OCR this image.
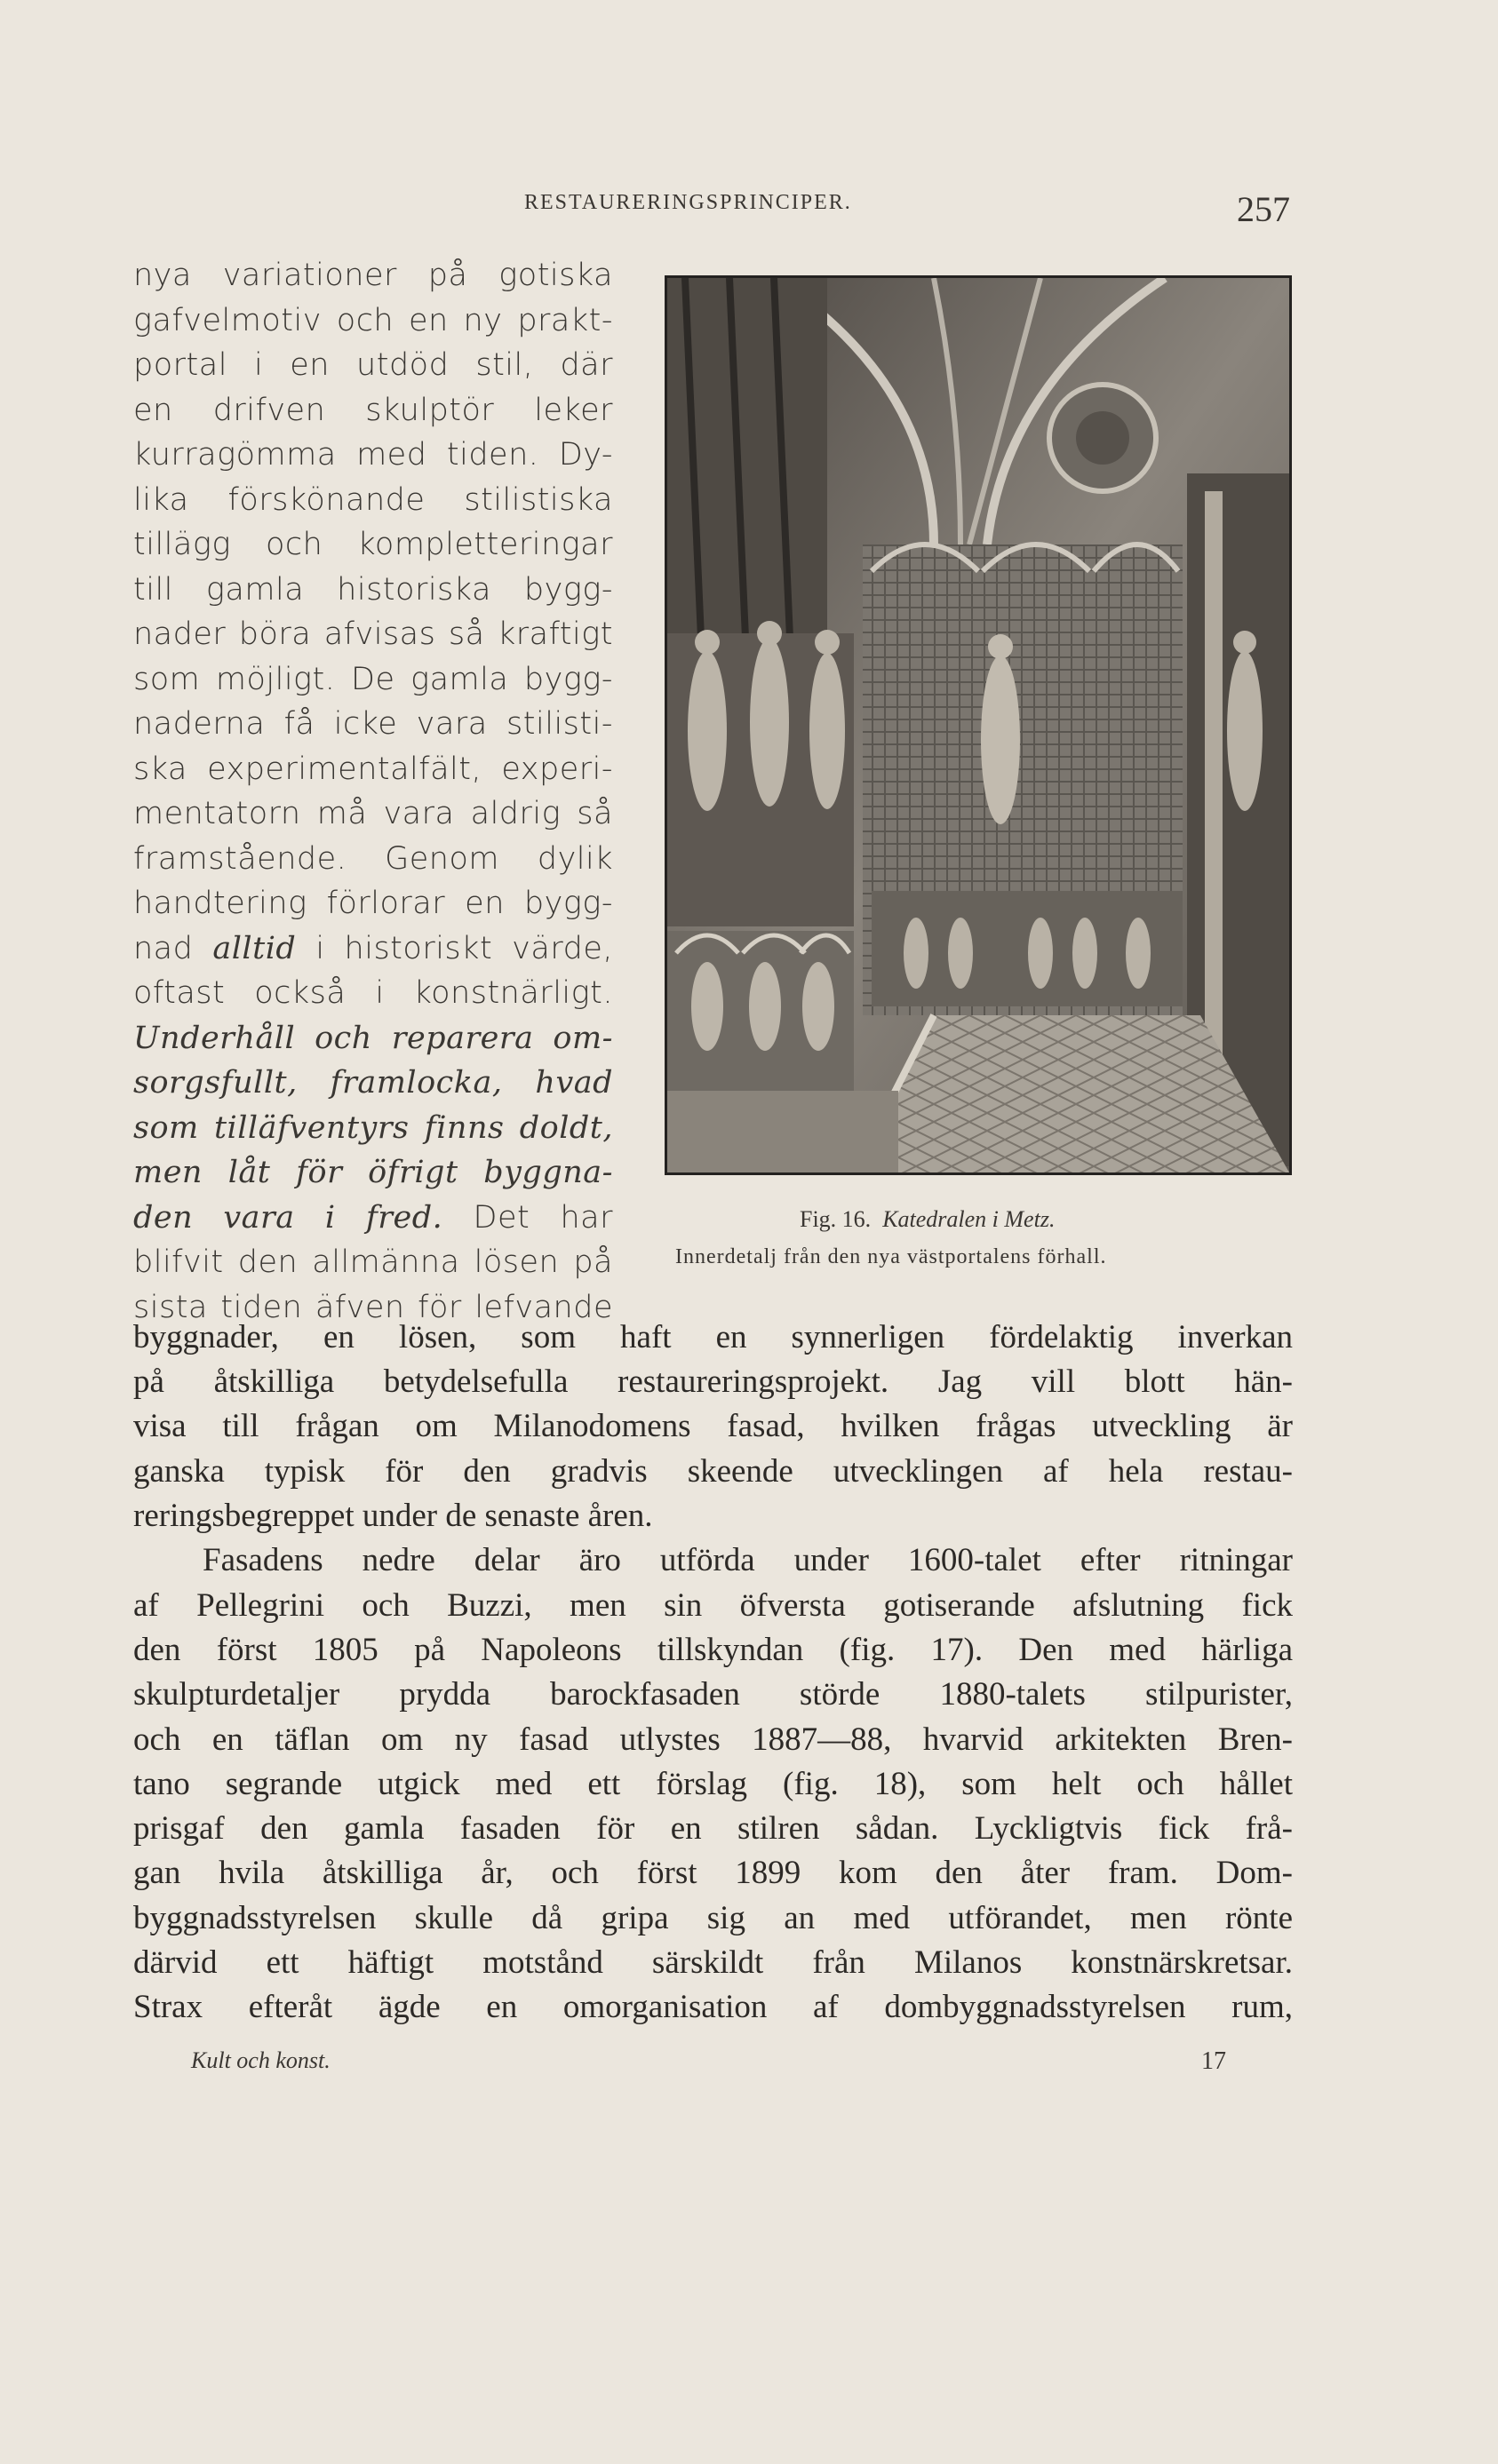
RESTAURERINGSPRINCIPER.	257
nya variationer på gotiska
gafvelmotiv och en ny prakt-
portal i en utdöd stil, där
en drifven skulptör leker
kurragömma med tiden. Dy-
lika förskönande stilistiska
tillägg och kompletteringar
till gamla historiska bygg-
nader böra afvisas så kraftigt
som möjligt. De gamla bygg-
naderna få icke vara stilisti-
ska experimentalfält, experi-
mentatorn må vara aldrig så
framstående. Genom dylik
handtering förlorar en bygg-
nad alltid i historiskt värde,
oftast också i konstnärligt.
Underhåll och reparera om-
sorgsfullt, framlocka, hvad
som tilläfventyrs finns doldt,
men låt för öfrigt byggna-
den vara i fred. Det har
blifvit den allmänna lösen på
sista tiden äfven för lefvande
Fig. 16. Katedralen i Metz.
Innerdetalj från den nya västportalens förhall.
byggnader, en lösen, som haft en synnerligen fördelaktig inverkan
på åtskilliga betydelsefulla restaureringsprojekt. Jag vill blott hän-
visa till frågan om Milanodomens fasad, hvilken frågas utveckling är
ganska typisk för den gradvis skeende utvecklingen af hela restau-
reringsbegreppet under de senaste åren.
Fasadens nedre delar äro utförda under 1600-talet efter ritningar
af Pellegrini och Buzzi, men sin öfversta gotiserande afslutning fick
den först 1805 på Napoleons tillskyndan (fig. 17). Den med härliga
skulpturdetaljer prydda barockfasaden störde 1880-talets stilpurister,
och en täflan om ny fasad utlystes 1887—88, hvarvid arkitekten Bren-
tano segrande utgick med ett förslag (fig. 18), som helt och hållet
prisgaf den gamla fasaden för en stilren sådan. Lyckligtvis fick frå-
gan hvila åtskilliga år, och först 1899 kom den åter fram. Dom-
byggnadsstyrelsen skulle då gripa sig an med utförandet, men rönte
därvid ett häftigt motstånd särskildt från Milanos konstnärskretsar.
Strax efteråt ägde en omorganisation af dombyggnadsstyrelsen rum,
Kult och konst.	17
